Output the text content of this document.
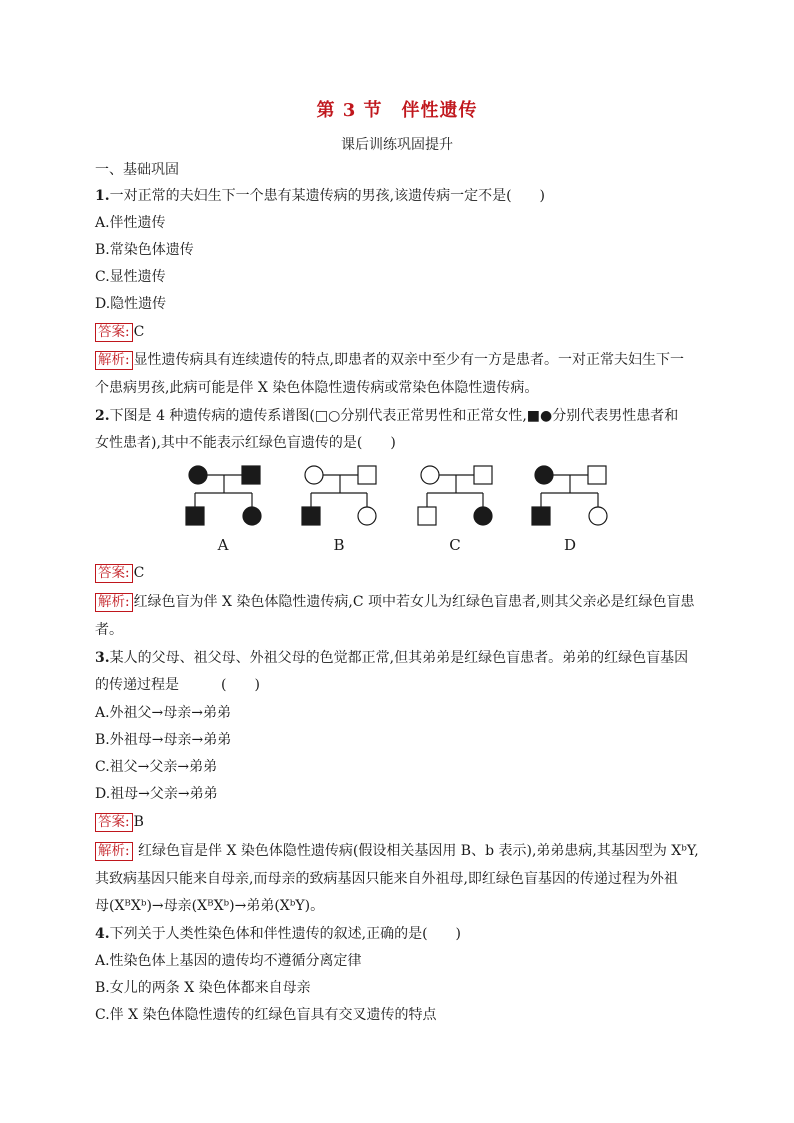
第 3 节　伴性遗传
课后训练巩固提升
一、基础巩固
1.一对正常的夫妇生下一个患有某遗传病的男孩,该遗传病一定不是(　　)
A.伴性遗传
B.常染色体遗传
C.显性遗传
D.隐性遗传
答案: C
解析: 显性遗传病具有连续遗传的特点,即患者的双亲中至少有一方是患者。一对正常夫妇生下一
个患病男孩,此病可能是伴 X 染色体隐性遗传病或常染色体隐性遗传病。
2.下图是 4 种遗传病的遗传系谱图(□○分别代表正常男性和正常女性,■●分别代表男性患者和
女性患者),其中不能表示红绿色盲遗传的是(　　)
A	B	C	D
答案: C
解析: 红绿色盲为伴 X 染色体隐性遗传病,C 项中若女儿为红绿色盲患者,则其父亲必是红绿色盲患
者。
3.某人的父母、祖父母、外祖父母的色觉都正常,但其弟弟是红绿色盲患者。弟弟的红绿色盲基因
的传递过程是　　　(　　)
A.外祖父→母亲→弟弟
B.外祖母→母亲→弟弟
C.祖父→父亲→弟弟
D.祖母→父亲→弟弟
答案: B
解析: 红绿色盲是伴 X 染色体隐性遗传病(假设相关基因用 B、b 表示),弟弟患病,其基因型为 XᵇY,
其致病基因只能来自母亲,而母亲的致病基因只能来自外祖母,即红绿色盲基因的传递过程为外祖
母(XᴮXᵇ)→母亲(XᴮXᵇ)→弟弟(XᵇY)。
4.下列关于人类性染色体和伴性遗传的叙述,正确的是(　　)
A.性染色体上基因的遗传均不遵循分离定律
B.女儿的两条 X 染色体都来自母亲
C.伴 X 染色体隐性遗传的红绿色盲具有交叉遗传的特点
